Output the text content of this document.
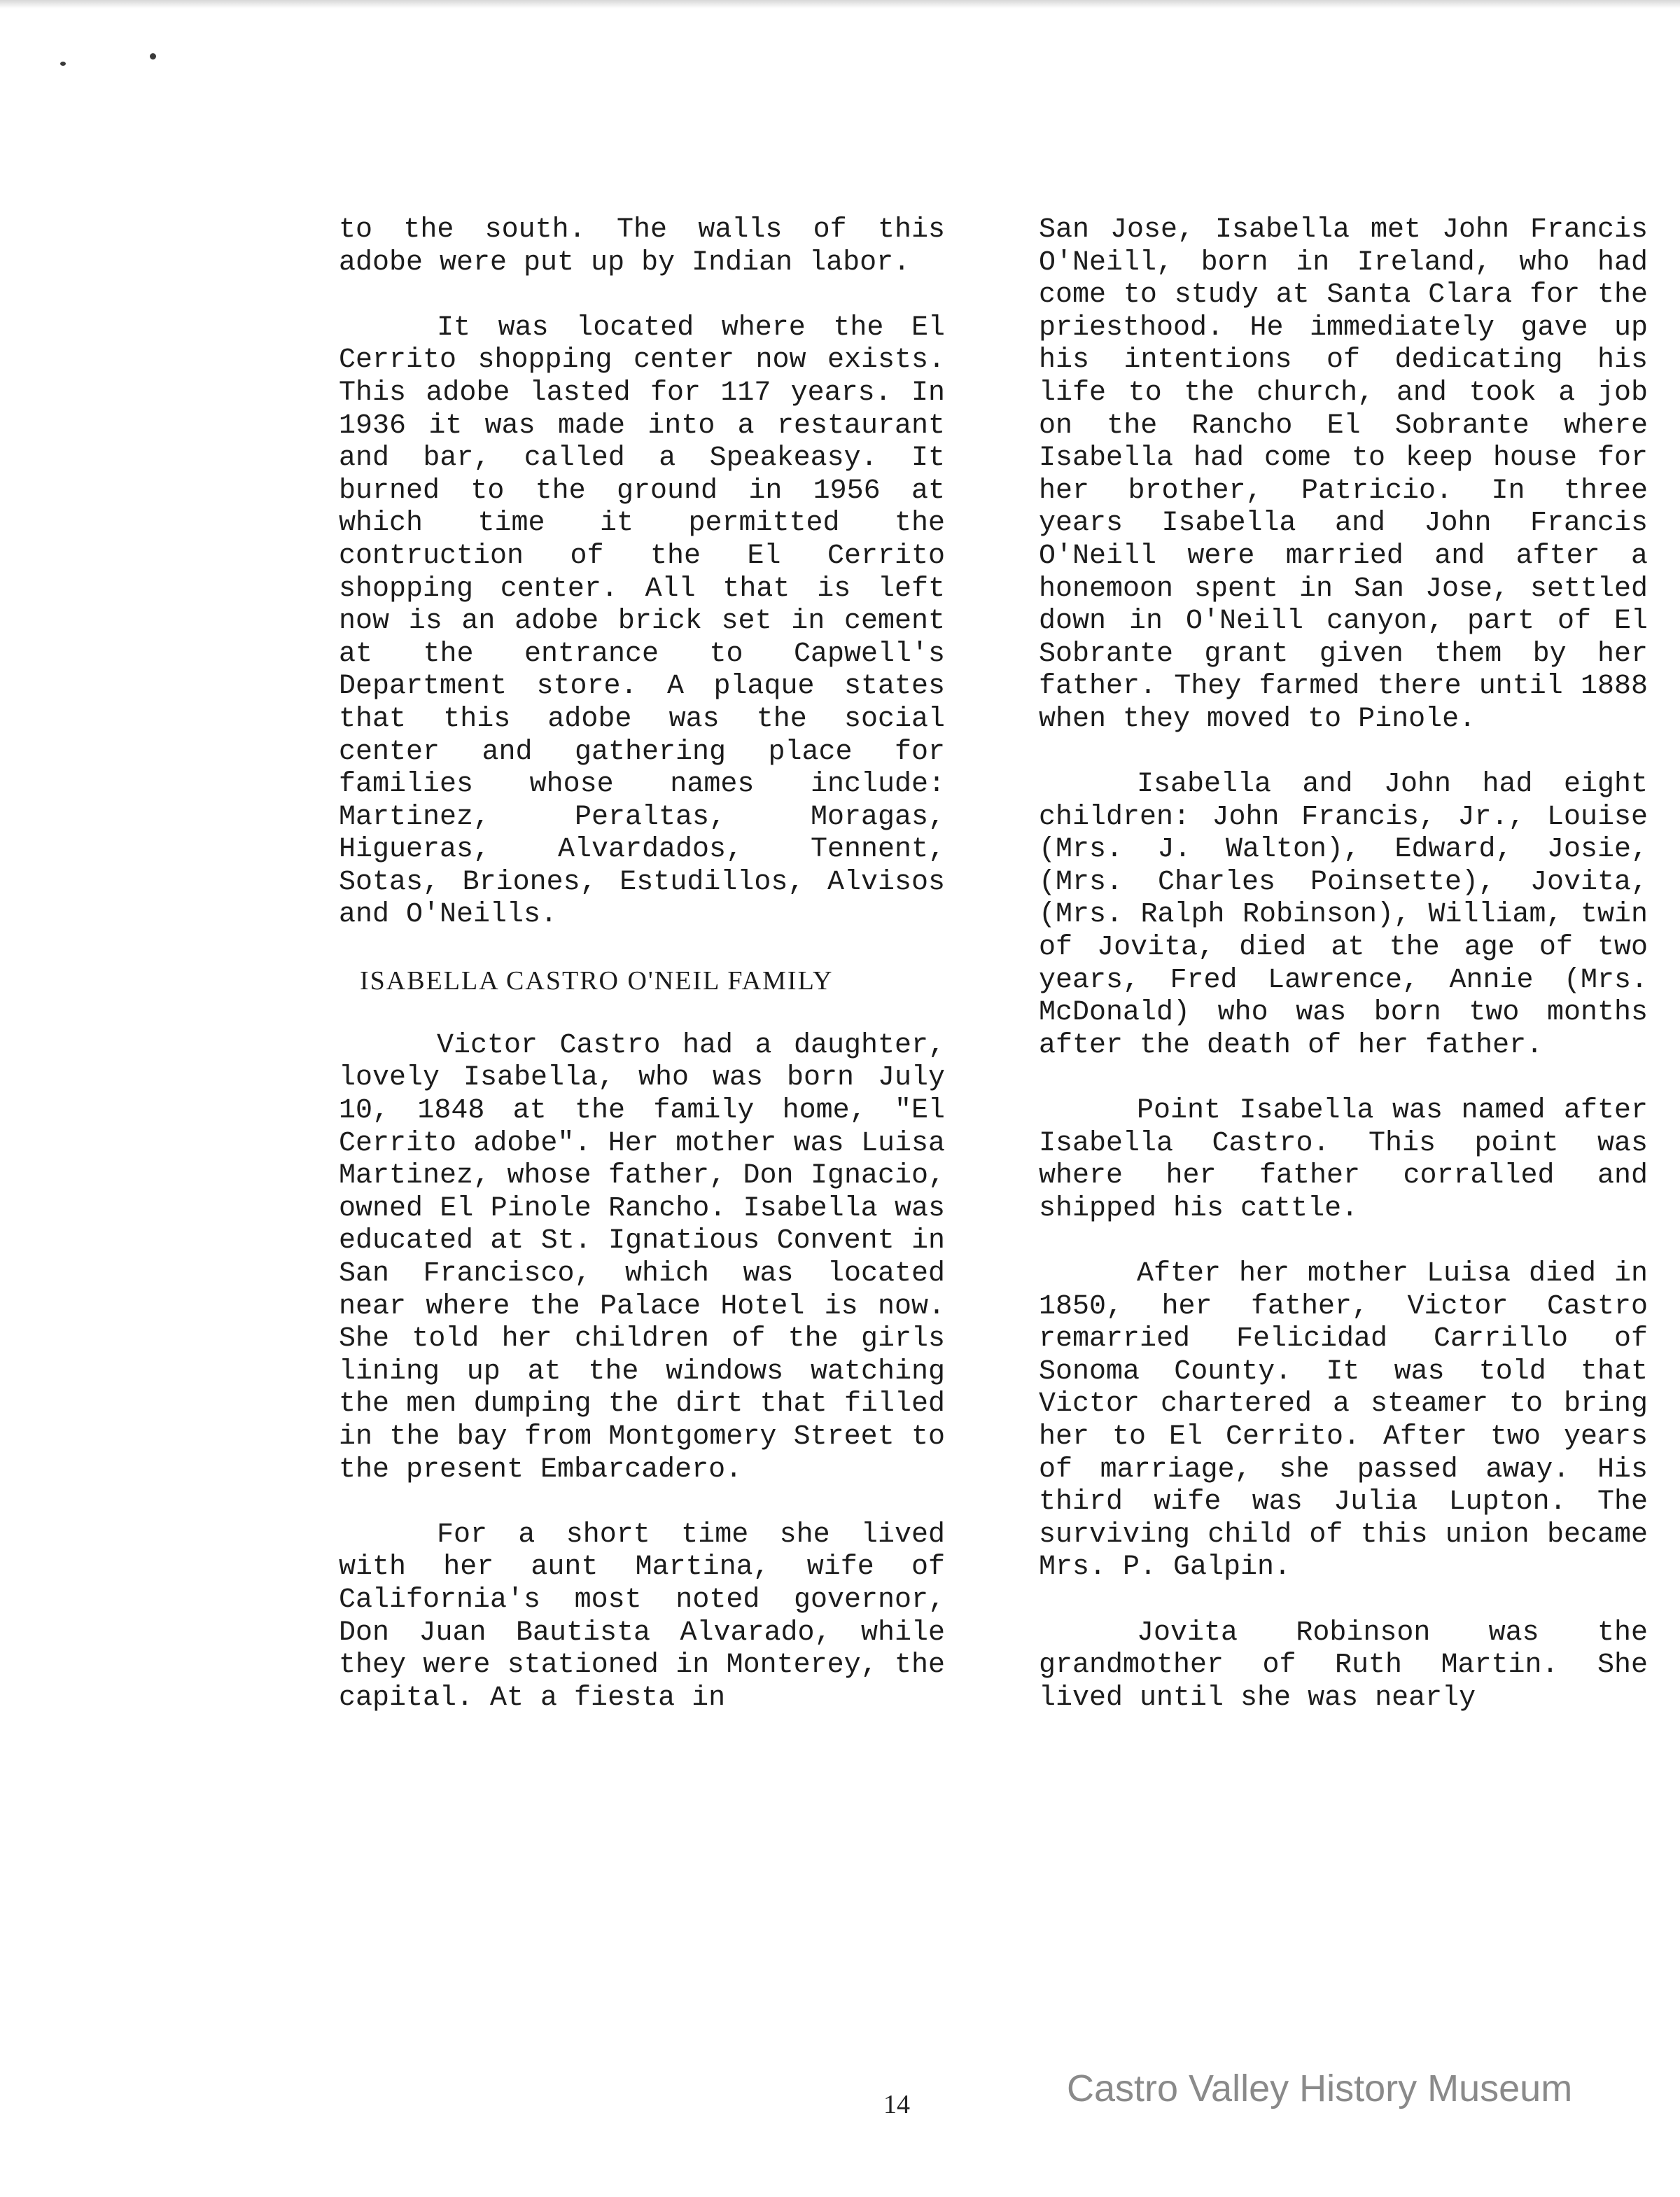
to the south. The walls of this adobe were put up by Indian labor.

It was located where the El Cerrito shopping center now exists. This adobe lasted for 117 years. In 1936 it was made into a restaurant and bar, called a Speakeasy. It burned to the ground in 1956 at which time it permitted the contruction of the El Cerrito shopping center. All that is left now is an adobe brick set in cement at the entrance to Capwell's Department store. A plaque states that this adobe was the social center and gathering place for families whose names include: Martinez, Peraltas, Moragas, Higueras, Alvardados, Tennent, Sotas, Briones, Estudillos, Alvisos and O'Neills.

ISABELLA CASTRO O'NEIL FAMILY

Victor Castro had a daughter, lovely Isabella, who was born July 10, 1848 at the family home, "El Cerrito adobe". Her mother was Luisa Martinez, whose father, Don Ignacio, owned El Pinole Rancho. Isabella was educated at St. Ignatious Convent in San Francisco, which was located near where the Palace Hotel is now. She told her children of the girls lining up at the windows watching the men dumping the dirt that filled in the bay from Montgomery Street to the present Embarcadero.

For a short time she lived with her aunt Martina, wife of California's most noted governor, Don Juan Bautista Alvarado, while they were stationed in Monterey, the capital. At a fiesta in

San Jose, Isabella met John Francis O'Neill, born in Ireland, who had come to study at Santa Clara for the priesthood. He immediately gave up his intentions of dedicating his life to the church, and took a job on the Rancho El Sobrante where Isabella had come to keep house for her brother, Patricio. In three years Isabella and John Francis O'Neill were married and after a honemoon spent in San Jose, settled down in O'Neill canyon, part of El Sobrante grant given them by her father. They farmed there until 1888 when they moved to Pinole.

Isabella and John had eight children: John Francis, Jr., Louise (Mrs. J. Walton), Edward, Josie, (Mrs. Charles Poinsette), Jovita, (Mrs. Ralph Robinson), William, twin of Jovita, died at the age of two years, Fred Lawrence, Annie (Mrs. McDonald) who was born two months after the death of her father.

Point Isabella was named after Isabella Castro. This point was where her father corralled and shipped his cattle.

After her mother Luisa died in 1850, her father, Victor Castro remarried Felicidad Carrillo of Sonoma County. It was told that Victor chartered a steamer to bring her to El Cerrito. After two years of marriage, she passed away. His third wife was Julia Lupton. The surviving child of this union became Mrs. P. Galpin.

Jovita Robinson was the grandmother of Ruth Martin. She lived until she was nearly

14	Castro Valley History Museum
